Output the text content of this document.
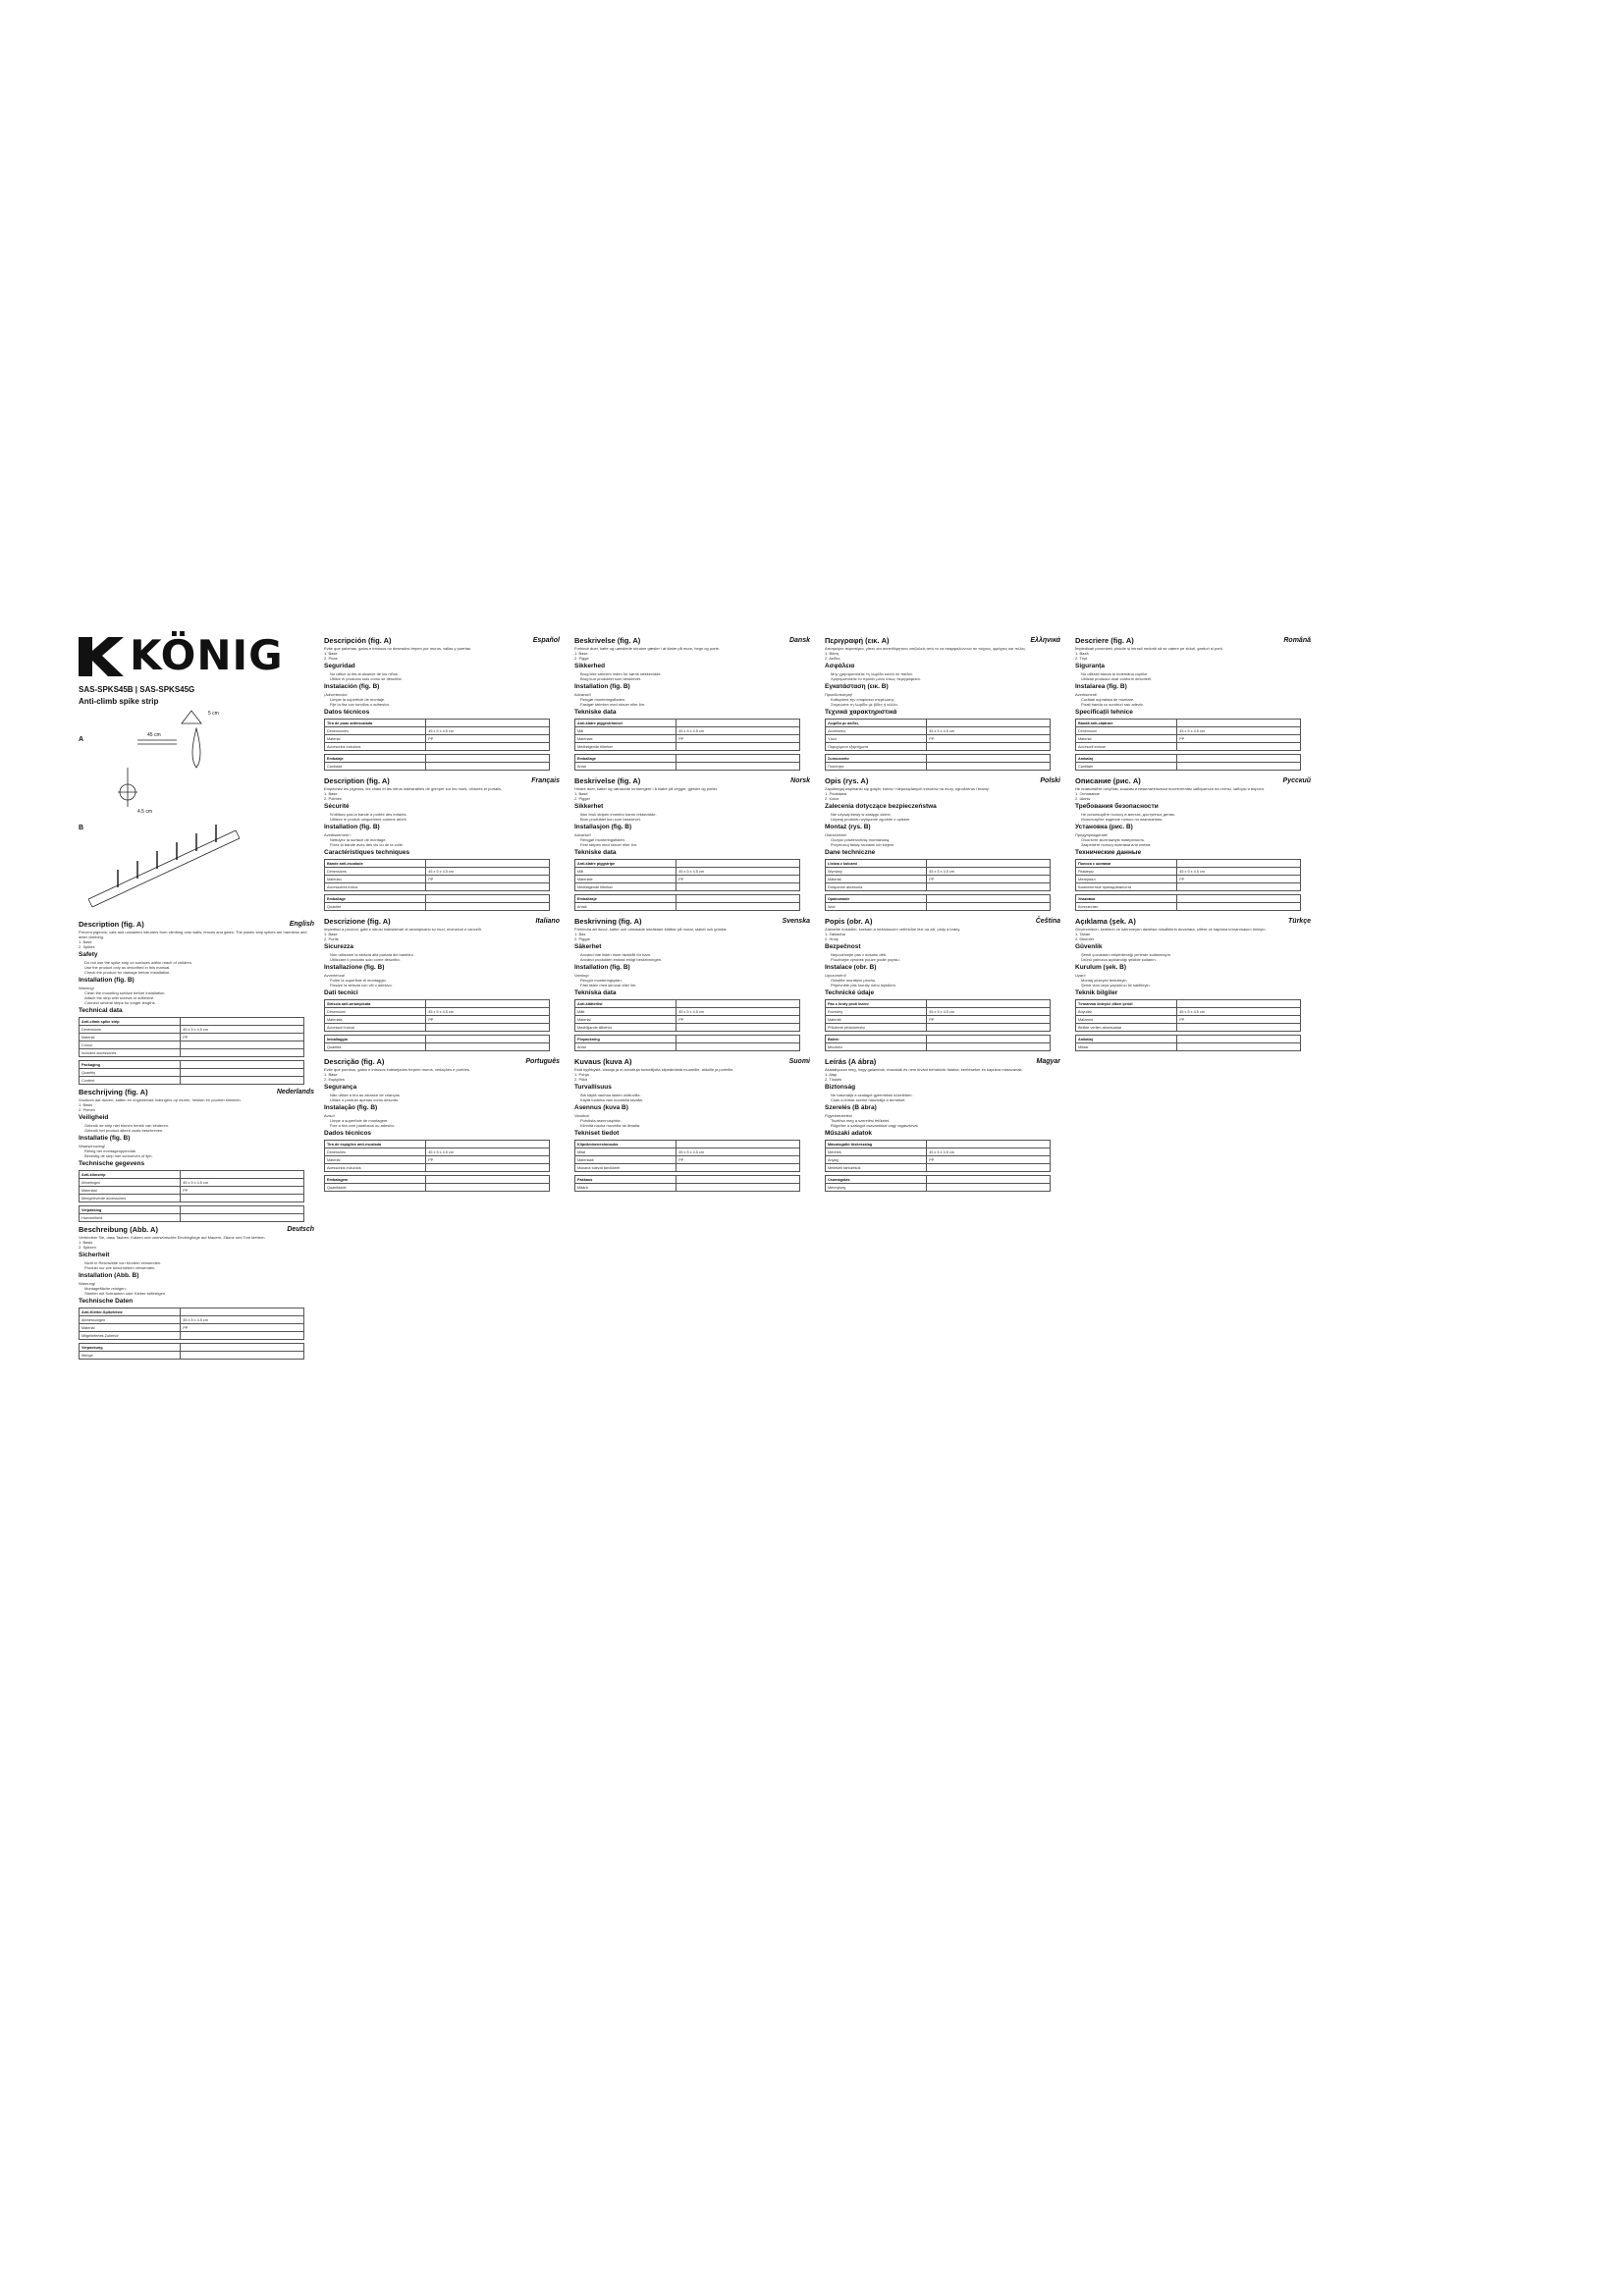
KÖNIG
SAS-SPKS45B | SAS-SPKS45G
Anti-climb spike strip
A
45 cm
5 cm
4.5 cm
B
Description (fig. A)	English
Prevent pigeons, cats and unwanted intruders from climbing onto walls, fences and gates. The plastic strip spikes are harmless and deter climbing.
1. Base
2. Spikes
Safety
• Do not use the spike strip on surfaces within reach of children.
• Use the product only as described in this manual.
• Check the product for damage before installation.
Installation (fig. B)
Warning!
• Clean the mounting surface before installation.
• Attach the strip with screws or adhesive.
• Connect several strips for longer lengths.
Technical data
Anti-climb spike strip	
Dimensions	45 x 5 x 4.5 cm
Material	PP
Colour	
Included accessories	
Packaging	
Quantity	
Content	
Beschrijving (fig. A)	Nederlands
Voorkom dat duiven, katten en ongewenste indringers op muren, hekken en poorten klimmen.
1. Basis
2. Pinnen
Veiligheid
• Gebruik de strip niet binnen bereik van kinderen.
• Gebruik het product alleen zoals beschreven.
Installatie (fig. B)
Waarschuwing!
• Reinig het montageoppervlak.
• Bevestig de strip met schroeven of lijm.
Technische gegevens
Anti-klimstrip	
Afmetingen	45 x 5 x 4.5 cm
Materiaal	PP
Meegeleverde accessoires	
Verpakking	
Hoeveelheid	
Beschreibung (Abb. A)	Deutsch
Verhindern Sie, dass Tauben, Katzen und unerwünschte Eindringlinge auf Mauern, Zäune und Tore klettern.
1. Basis
2. Spitzen
Sicherheit
• Nicht in Reichweite von Kindern verwenden.
• Produkt nur wie beschrieben verwenden.
Installation (Abb. B)
Warnung!
• Montagefläche reinigen.
• Streifen mit Schrauben oder Kleber befestigen.
Technische Daten
Anti-Kletter-Spikeleiste	
Abmessungen	45 x 5 x 4.5 cm
Material	PP
Mitgeliefertes Zubehör	
Verpackung	
Menge	
Descripción (fig. A)	Español
Evite que palomas, gatos e intrusos no deseados trepen por muros, vallas y puertas.
1. Base
2. Púas
Seguridad
• No utilice la tira al alcance de los niños.
• Utilice el producto solo como se describe.
Instalación (fig. B)
¡Advertencia!
• Limpie la superficie de montaje.
• Fije la tira con tornillos o adhesivo.
Datos técnicos
Tira de púas antiescalada	
Dimensiones	45 x 5 x 4.5 cm
Material	PP
Accesorios incluidos	
Embalaje	
Cantidad	
Description (fig. A)	Français
Empêchez les pigeons, les chats et les intrus indésirables de grimper sur les murs, clôtures et portails.
1. Base
2. Pointes
Sécurité
• N'utilisez pas la bande à portée des enfants.
• Utilisez le produit uniquement comme décrit.
Installation (fig. B)
Avertissement !
• Nettoyez la surface de montage.
• Fixez la bande avec des vis ou de la colle.
Caractéristiques techniques
Bande anti-escalade	
Dimensions	45 x 5 x 4.5 cm
Matériau	PP
Accessoires inclus	
Emballage	
Quantité	
Descrizione (fig. A)	Italiano
Impedisci a piccioni, gatti e intrusi indesiderati di arrampicarsi su muri, recinzioni e cancelli.
1. Base
2. Punte
Sicurezza
• Non utilizzare la striscia alla portata dei bambini.
• Utilizzare il prodotto solo come descritto.
Installazione (fig. B)
Avvertenza!
• Pulire la superficie di montaggio.
• Fissare la striscia con viti o adesivo.
Dati tecnici
Striscia anti-arrampicata	
Dimensioni	45 x 5 x 4.5 cm
Materiale	PP
Accessori inclusi	
Imballaggio	
Quantità	
Descrição (fig. A)	Português
Evite que pombos, gatos e intrusos indesejados trepem muros, vedações e portões.
1. Base
2. Espigões
Segurança
• Não utilize a tira ao alcance de crianças.
• Utilize o produto apenas como descrito.
Instalação (fig. B)
Aviso!
• Limpe a superfície de montagem.
• Fixe a tira com parafusos ou adesivo.
Dados técnicos
Tira de espigões anti-escalada	
Dimensões	45 x 5 x 4.5 cm
Material	PP
Acessórios incluídos	
Embalagem	
Quantidade	
Beskrivelse (fig. A)	Dansk
Forhindr duer, katte og uønskede ubudne gæster i at klatre på mure, hegn og porte.
1. Base
2. Pigge
Sikkerhed
• Brug ikke strimlen inden for børns rækkevidde.
• Brug kun produktet som beskrevet.
Installation (fig. B)
Advarsel!
• Rengør monteringsfladen.
• Fastgør strimlen med skruer eller lim.
Tekniske data
Anti-klatre piggestrimmel	
Mål	45 x 5 x 4.5 cm
Materiale	PP
Medfølgende tilbehør	
Emballage	
Antal	
Beskrivelse (fig. A)	Norsk
Hindre duer, katter og uønskede inntrengere i å klatre på vegger, gjerder og porter.
1. Base
2. Pigger
Sikkerhet
• Ikke bruk stripen innenfor barns rekkevidde.
• Bruk produktet kun som beskrevet.
Installasjon (fig. B)
Advarsel!
• Rengjør monteringsflaten.
• Fest stripen med skruer eller lim.
Tekniske data
Anti-klatre piggstripe	
Mål	45 x 5 x 4.5 cm
Materiale	PP
Medfølgende tilbehør	
Emballasje	
Antall	
Beskrivning (fig. A)	Svenska
Förhindra att duvor, katter och oönskade inkräktare klättrar på murar, staket och grindar.
1. Bas
2. Piggar
Säkerhet
• Använd inte listen inom räckhåll för barn.
• Använd produkten endast enligt beskrivningen.
Installation (fig. B)
Varning!
• Rengör monteringsytan.
• Fäst listen med skruvar eller lim.
Tekniska data
Anti-klätterlist	
Mått	45 x 5 x 4.5 cm
Material	PP
Medföljande tillbehör	
Förpackning	
Antal	
Kuvaus (kuva A)	Suomi
Estä kyyhkysiä, kissoja ja ei-toivottuja tunkeilijoita kiipeämästä muureille, aidoille ja porteille.
1. Pohja
2. Piikit
Turvallisuus
• Älä käytä nauhaa lasten ulottuvilla.
• Käytä tuotetta vain kuvatulla tavalla.
Asennus (kuva B)
Varoitus!
• Puhdista asennuspinta.
• Kiinnitä nauha ruuveilla tai liimalla.
Tekniset tiedot
Kiipeämisenestonauha	
Mitat	45 x 5 x 4.5 cm
Materiaali	PP
Mukana tulevat tarvikkeet	
Pakkaus	
Määrä	
Περιγραφή (εικ. A)	Ελληνικά
Αποτρέψτε περιστέρια, γάτες και ανεπιθύμητους εισβολείς από το να σκαρφαλώνουν σε τοίχους, φράχτες και πύλες.
1. Βάση
2. Ακίδες
Ασφάλεια
• Μην χρησιμοποιείτε τη λωρίδα κοντά σε παιδιά.
• Χρησιμοποιείτε το προϊόν μόνο όπως περιγράφεται.
Εγκατάσταση (εικ. B)
Προειδοποίηση!
• Καθαρίστε την επιφάνεια στερέωσης.
• Στερεώστε τη λωρίδα με βίδες ή κόλλα.
Τεχνικά χαρακτηριστικά
Λωρίδα με ακίδες	
Διαστάσεις	45 x 5 x 4.5 cm
Υλικό	PP
Παρεχόμενα εξαρτήματα	
Συσκευασία	
Ποσότητα	
Opis (rys. A)	Polski
Zapobiegaj wspinaniu się gołębi, kotów i niepożądanych intruzów na mury, ogrodzenia i bramy.
1. Podstawa
2. Kolce
Zalecenia dotyczące bezpieczeństwa
• Nie używaj listwy w zasięgu dzieci.
• Używaj produktu wyłącznie zgodnie z opisem.
Montaż (rys. B)
Ostrzeżenie!
• Oczyść powierzchnię montażową.
• Przymocuj listwę śrubami lub klejem.
Dane techniczne
Listwa z kolcami	
Wymiary	45 x 5 x 4.5 cm
Materiał	PP
Dołączone akcesoria	
Opakowanie	
Ilość	
Popis (obr. A)	Čeština
Zabraňte holubům, kočkám a nežádoucím vetřelcům lézt na zdi, ploty a brány.
1. Základna
2. Hroty
Bezpečnost
• Nepoužívejte pás v dosahu dětí.
• Používejte výrobek pouze podle popisu.
Instalace (obr. B)
Upozornění!
• Očistěte montážní plochu.
• Připevněte pás šrouby nebo lepidlem.
Technické údaje
Pás s hroty proti lezení	
Rozměry	45 x 5 x 4.5 cm
Materiál	PP
Přiložené příslušenství	
Balení	
Množství	
Leírás (A ábra)	Magyar
Akadályozza meg, hogy galambok, macskák és nem kívánt behatolók falakra, kerítésekre és kapukra másszanak.
1. Alap
2. Tüskék
Biztonság
• Ne használja a szalagot gyermekek közelében.
• Csak a leírtak szerint használja a terméket.
Szerelés (B ábra)
Figyelmeztetés!
• Tisztítsa meg a szerelési felületet.
• Rögzítse a szalagot csavarokkal vagy ragasztóval.
Műszaki adatok
Mászásgátló tüskeszalag	
Méretek	45 x 5 x 4.5 cm
Anyag	PP
Mellékelt tartozékok	
Csomagolás	
Mennyiség	
Descriere (fig. A)	Română
Împiedicați porumbeii, pisicile și intrușii nedoriți să se cațere pe ziduri, garduri și porți.
1. Bază
2. Țepi
Siguranța
• Nu utilizați banda la îndemâna copiilor.
• Utilizați produsul doar conform descrierii.
Instalarea (fig. B)
Avertisment!
• Curățați suprafața de montare.
• Fixați banda cu șuruburi sau adeziv.
Specificații tehnice
Bandă anti-cățărare	
Dimensiuni	45 x 5 x 4.5 cm
Material	PP
Accesorii incluse	
Ambalaj	
Cantitate	
Описание (рис. A)	Русский
Не позволяйте голубям, кошкам и нежелательным посетителям забираться на стены, заборы и ворота.
1. Основание
2. Шипы
Требования безопасности
• Не используйте полосу в местах, доступных детям.
• Используйте изделие только по назначению.
Установка (рис. B)
Предупреждение!
• Очистите монтажную поверхность.
• Закрепите полосу винтами или клеем.
Технические данные
Полоса с шипами	
Размеры	45 x 5 x 4.5 cm
Материал	PP
Комплектные принадлежности	
Упаковка	
Количество	
Açıklama (şek. A)	Türkçe
Güvercinlerin, kedilerin ve istenmeyen davetsiz misafirlerin duvarlara, çitlere ve kapılara tırmanmasını önleyin.
1. Taban
2. Dikenler
Güvenlik
• Şeridi çocukların erişebileceği yerlerde kullanmayın.
• Ürünü yalnızca açıklandığı şekilde kullanın.
Kurulum (şek. B)
Uyarı!
• Montaj yüzeyini temizleyin.
• Şeridi vida veya yapıştırıcı ile sabitleyin.
Teknik bilgiler
Tırmanma önleyici diken şeridi	
Boyutlar	45 x 5 x 4.5 cm
Malzeme	PP
Birlikte verilen aksesuarlar	
Ambalaj	
Miktar	
